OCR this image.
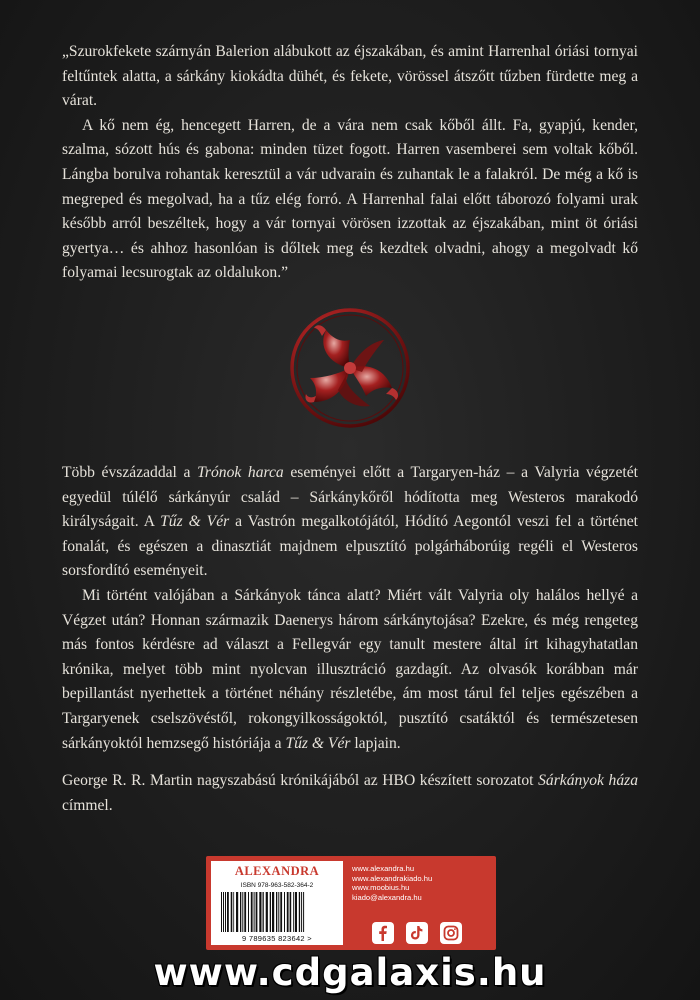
„Szurokfekete szárnyán Balerion alábukott az éjszakában, és amint Harrenhal óriási tornyai feltűntek alatta, a sárkány kiokádta dühét, és fekete, vörössel átszőtt tűzben fürdette meg a várat.

A kő nem ég, hencegett Harren, de a vára nem csak kőből állt. Fa, gyapjú, kender, szalma, sózott hús és gabona: minden tüzet fogott. Harren vasemberei sem voltak kőből. Lángba borulva rohantak keresztül a vár udvarain és zuhantak le a falakról. De még a kő is megreped és megolvad, ha a tűz elég forró. A Harrenhal falai előtt táborozó folyami urak később arról beszéltek, hogy a vár tornyai vörösen izzottak az éjszakában, mint öt óriási gyertya… és ahhoz hasonlóan is dőltek meg és kezdtek olvadni, ahogy a megolvadt kő folyamai lecsurogtak az oldalukon.”

Több évszázaddal a Trónok harca eseményei előtt a Targaryen-ház – a Valyria végzetét egyedül túlélő sárkányúr család – Sárkánykőről hódította meg Westeros marakodó királyságait. A Tűz & Vér a Vastrón megalkotójától, Hódító Aegontól veszi fel a történet fonalát, és egészen a dinasztiát majdnem elpusztító polgárháborúig regéli el Westeros sorsfordító eseményeit.

Mi történt valójában a Sárkányok tánca alatt? Miért vált Valyria oly halálos hellyé a Végzet után? Honnan származik Daenerys három sárkánytojása? Ezekre, és még rengeteg más fontos kérdésre ad választ a Fellegvár egy tanult mestere által írt kihagyhatatlan krónika, melyet több mint nyolcvan illusztráció gazdagít. Az olvasók korábban már bepillantást nyerhettek a történet néhány részletébe, ám most tárul fel teljes egészében a Targaryenek cselszövéstől, rokongyilkosságoktól, pusztító csatáktól és természetesen sárkányoktól hemzsegő históriája a Tűz & Vér lapjain.

George R. R. Martin nagyszabású krónikájából az HBO készített sorozatot Sárkányok háza címmel.

ALEXANDRA
ISBN 978-963-582-364-2
9 789635 823642 >
www.alexandra.hu
www.alexandrakiado.hu
www.moobius.hu
kiado@alexandra.hu
www.cdgalaxis.hu
